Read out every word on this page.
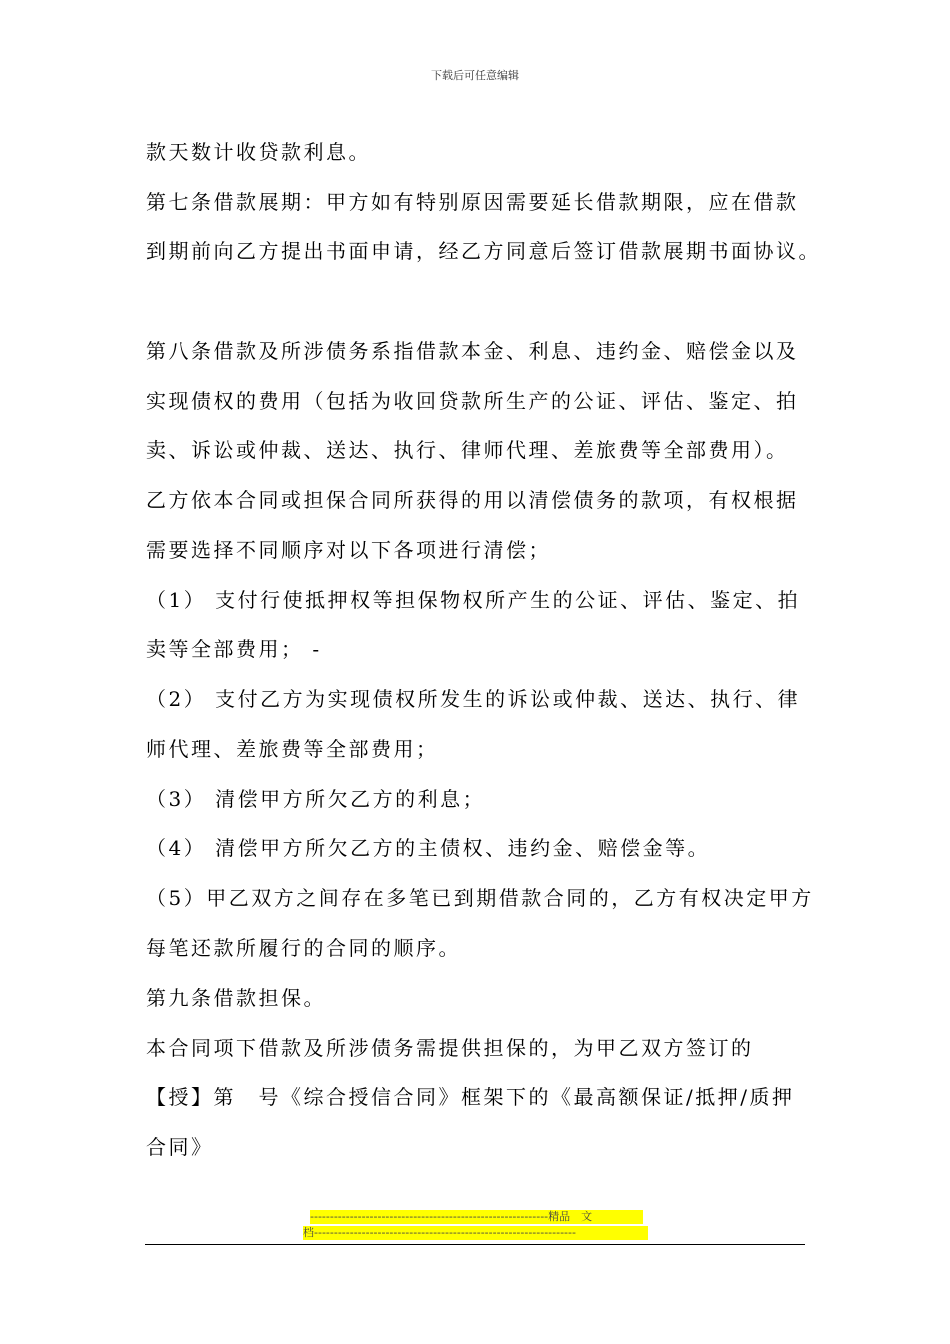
下载后可任意编辑
款天数计收贷款利息。
第七条借款展期：甲方如有特别原因需要延长借款期限，应在借款
到期前向乙方提出书面申请，经乙方同意后签订借款展期书面协议。
第八条借款及所涉债务系指借款本金、利息、违约金、赔偿金以及
实现债权的费用（包括为收回贷款所生产的公证、评估、鉴定、拍
卖、诉讼或仲裁、送达、执行、律师代理、差旅费等全部费用）。
乙方依本合同或担保合同所获得的用以清偿债务的款项，有权根据
需要选择不同顺序对以下各项进行清偿；
（1） 支付行使抵押权等担保物权所产生的公证、评估、鉴定、拍
卖等全部费用； ‐
（2） 支付乙方为实现债权所发生的诉讼或仲裁、送达、执行、律
师代理、差旅费等全部费用；
（3） 清偿甲方所欠乙方的利息；
（4） 清偿甲方所欠乙方的主债权、违约金、赔偿金等。
（5）甲乙双方之间存在多笔已到期借款合同的，乙方有权决定甲方
每笔还款所履行的合同的顺序。
第九条借款担保。
本合同项下借款及所涉债务需提供担保的，为甲乙双方签订的
【授】第　号《综合授信合同》框架下的《最高额保证/抵押/质押
合同》
------------------------------------------------------------精品　文
档------------------------------------------------------------------
